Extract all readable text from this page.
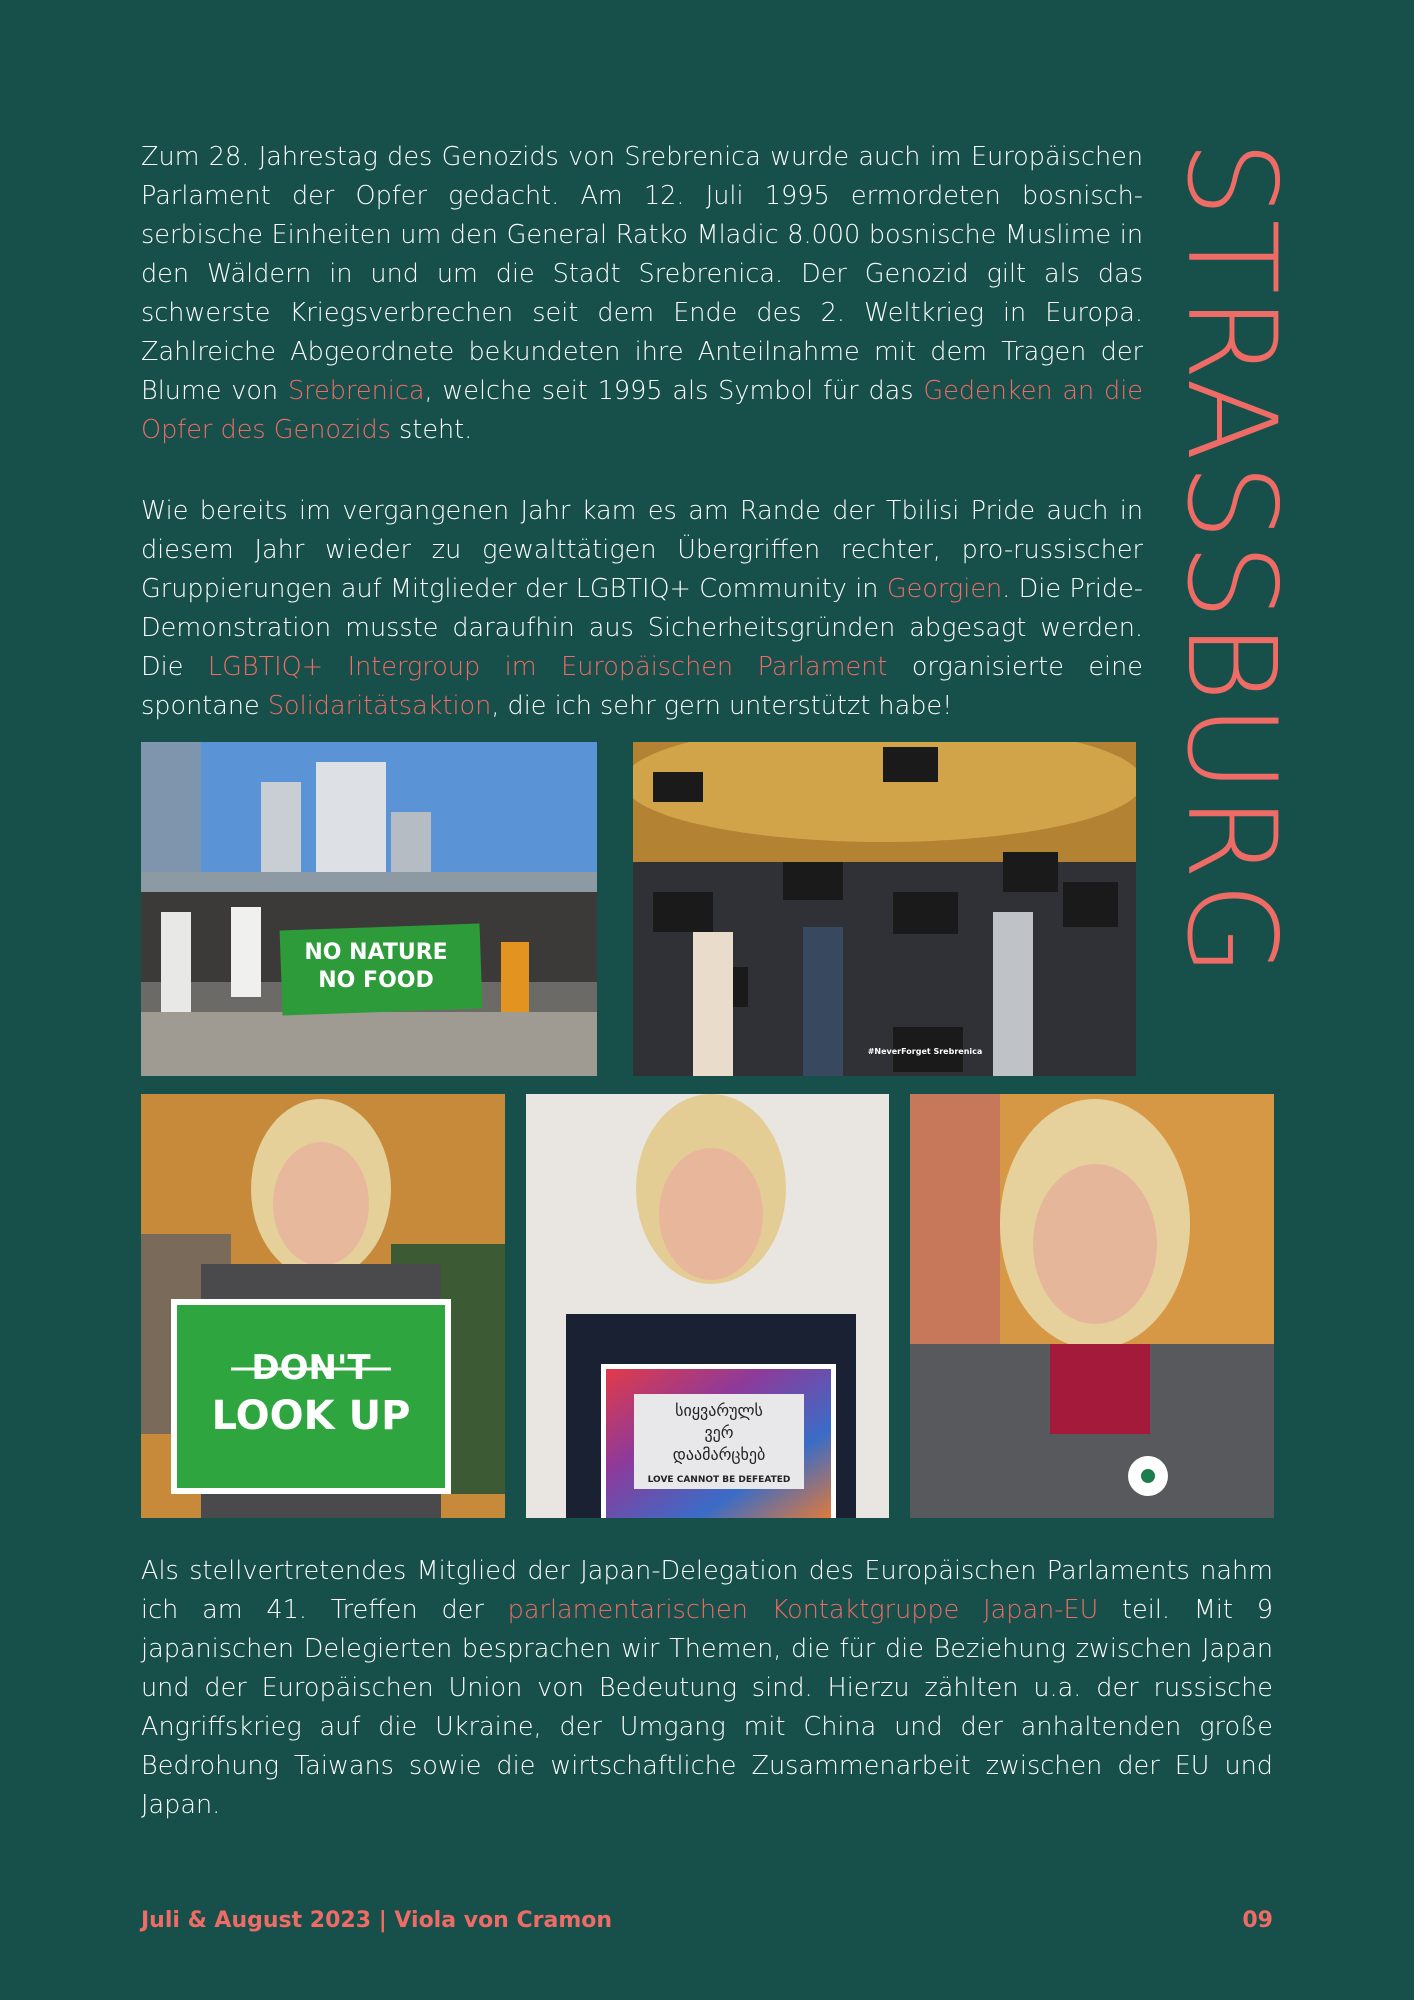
STRASSBURG

Zum 28. Jahrestag des Genozids von Srebrenica wurde auch im Europäischen Parlament der Opfer gedacht. Am 12. Juli 1995 ermordeten bosnisch-serbische Einheiten um den General Ratko Mladic 8.000 bosnische Muslime in den Wäldern in und um die Stadt Srebrenica. Der Genozid gilt als das schwerste Kriegsverbrechen seit dem Ende des 2. Weltkrieg in Europa. Zahlreiche Abgeordnete bekundeten ihre Anteilnahme mit dem Tragen der Blume von Srebrenica, welche seit 1995 als Symbol für das Gedenken an die Opfer des Genozids steht.

Wie bereits im vergangenen Jahr kam es am Rande der Tbilisi Pride auch in diesem Jahr wieder zu gewalttätigen Übergriffen rechter, pro-russischer Gruppierungen auf Mitglieder der LGBTIQ+ Community in Georgien. Die Pride-Demonstration musste daraufhin aus Sicherheitsgründen abgesagt werden. Die LGBTIQ+ Intergroup im Europäischen Parlament organisierte eine spontane Solidaritätsaktion, die ich sehr gern unterstützt habe!

NO NATURE
NO FOOD
#NeverForget Srebrenica
DON'T
LOOK UP	სიყვარულს
ვერ
დაამარცხებ
LOVE CANNOT BE DEFEATED

Als stellvertretendes Mitglied der Japan-Delegation des Europäischen Parlaments nahm ich am 41. Treffen der parlamentarischen Kontaktgruppe Japan-EU teil. Mit 9 japanischen Delegierten besprachen wir Themen, die für die Beziehung zwischen Japan und der Europäischen Union von Bedeutung sind. Hierzu zählten u.a. der russische Angriffskrieg auf die Ukraine, der Umgang mit China und der anhaltenden große Bedrohung Taiwans sowie die wirtschaftliche Zusammenarbeit zwischen der EU und Japan.

Juli & August 2023 | Viola von Cramon	09
